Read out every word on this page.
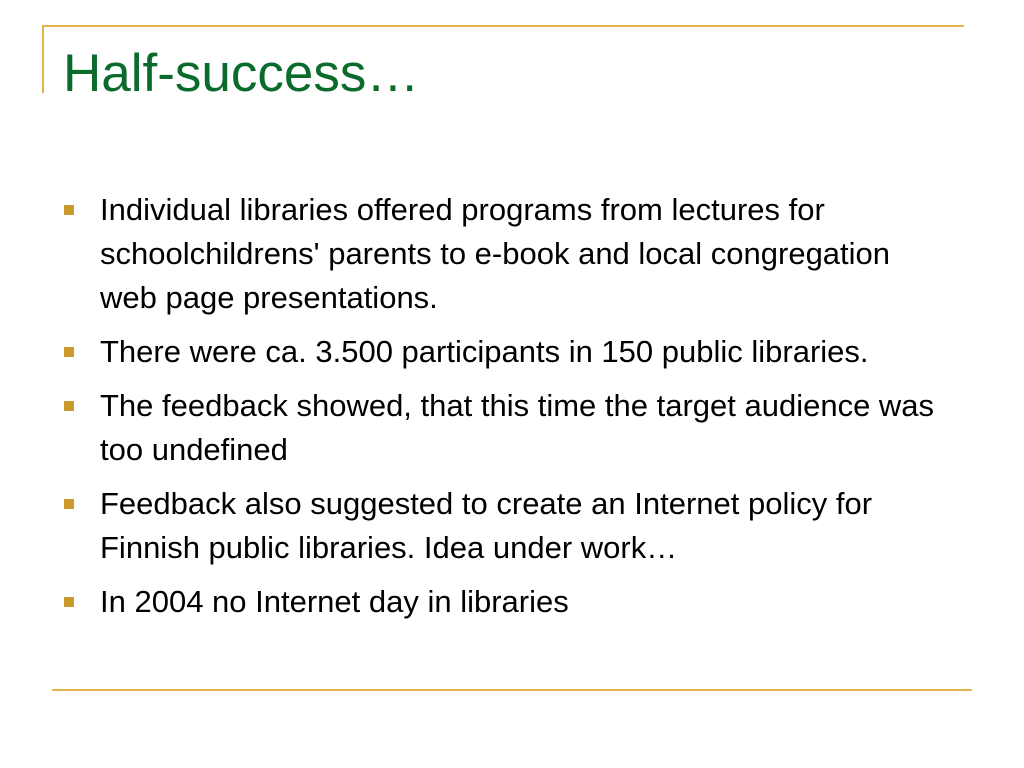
Half-success…
Individual libraries offered programs from lectures for schoolchildrens' parents to e-book and local congregation web page presentations.
There were ca. 3.500 participants in 150 public libraries.
The feedback showed, that this time the target audience was too undefined
Feedback also suggested to create an Internet policy for Finnish public libraries. Idea under work…
In 2004 no Internet day in libraries
